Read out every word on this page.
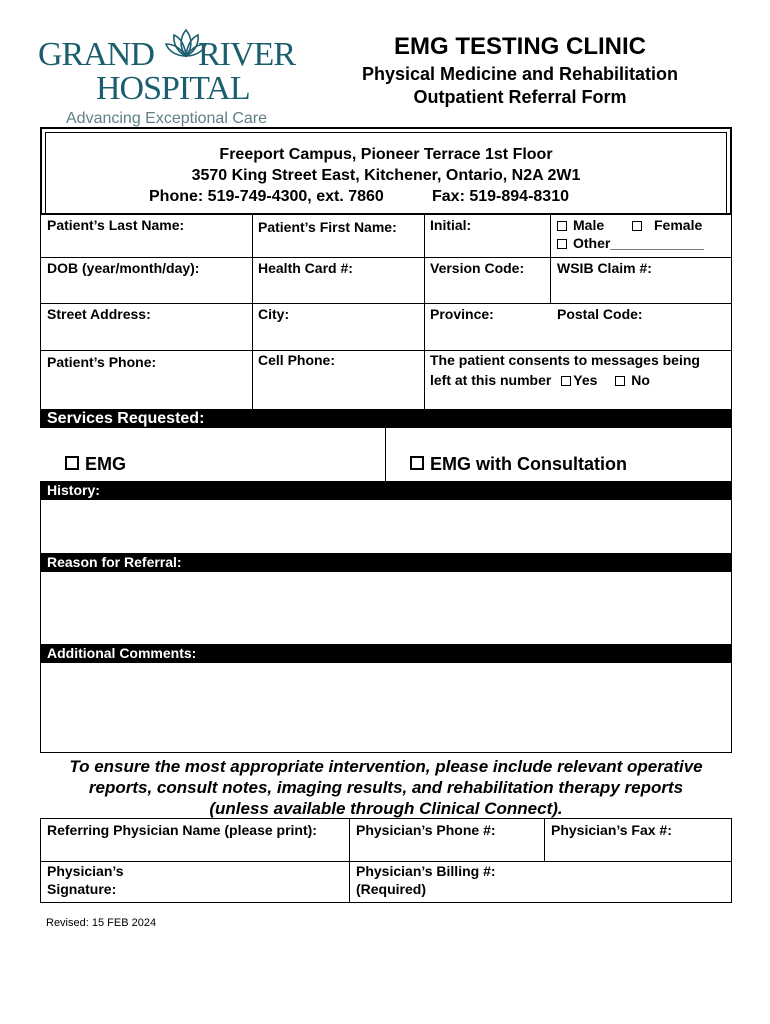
GRAND RIVER
HOSPITAL
Advancing Exceptional Care
EMG TESTING CLINIC
Physical Medicine and Rehabilitation
Outpatient Referral Form
Freeport Campus, Pioneer Terrace 1st Floor
3570 King Street East, Kitchener, Ontario, N2A 2W1
Phone: 519-749-4300, ext. 7860	Fax: 519-894-8310
Patient’s Last Name:	Patient’s First Name: Initial:	Male	Female
Other____________
DOB (year/month/day):	Health Card #:	Version Code: WSIB Claim #:
Street Address:	City:	Province:	Postal Code:
Patient’s Phone:	Cell Phone:	The patient consents to messages being
left at this number Yes No
Services Requested:
EMG	EMG with Consultation
History:
Reason for Referral:
Additional Comments:
To ensure the most appropriate intervention, please include relevant operative
reports, consult notes, imaging results, and rehabilitation therapy reports
(unless available through Clinical Connect).
Referring Physician Name (please print):	Physician’s Phone #:	Physician’s Fax #:
Physician’s
Signature:
Physician’s Billing #:
(Required)
Revised: 15 FEB 2024
